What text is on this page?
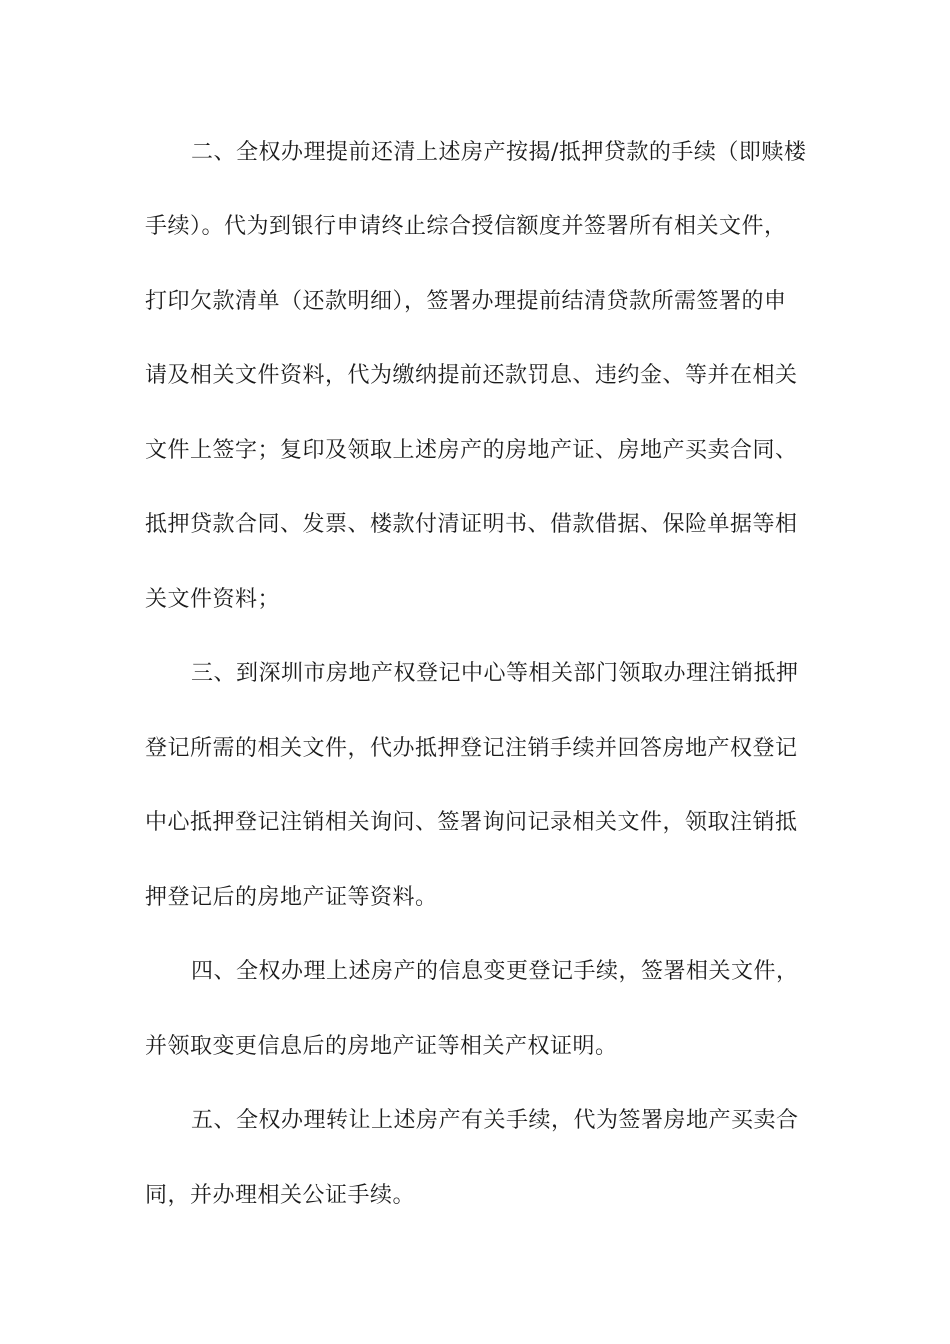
二、全权办理提前还清上述房产按揭/抵押贷款的手续（即赎楼
手续）。代为到银行申请终止综合授信额度并签署所有相关文件，
打印欠款清单（还款明细），签署办理提前结清贷款所需签署的申
请及相关文件资料，代为缴纳提前还款罚息、违约金、等并在相关
文件上签字；复印及领取上述房产的房地产证、房地产买卖合同、
抵押贷款合同、发票、楼款付清证明书、借款借据、保险单据等相
关文件资料；
三、到深圳市房地产权登记中心等相关部门领取办理注销抵押
登记所需的相关文件，代办抵押登记注销手续并回答房地产权登记
中心抵押登记注销相关询问、签署询问记录相关文件，领取注销抵
押登记后的房地产证等资料。
四、全权办理上述房产的信息变更登记手续，签署相关文件，
并领取变更信息后的房地产证等相关产权证明。
五、全权办理转让上述房产有关手续，代为签署房地产买卖合
同，并办理相关公证手续。
